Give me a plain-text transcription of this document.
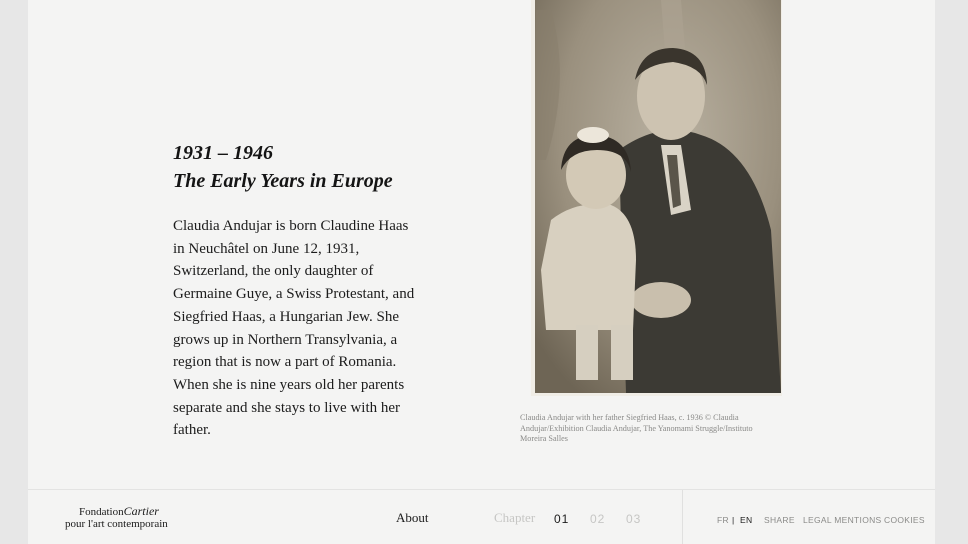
1931 – 1946
The Early Years in Europe
Claudia Andujar is born Claudine Haas
in Neuchâtel on June 12, 1931,
Switzerland, the only daughter of
Germaine Guye, a Swiss Protestant, and
Siegfried Haas, a Hungarian Jew. She
grows up in Northern Transylvania, a
region that is now a part of Romania.
When she is nine years old her parents
separate and she stays to live with her
father.
Claudia Andujar with her father Siegfried Haas, c. 1936 © Claudia
Andujar/Exhibition Claudia Andujar, The Yanomami Struggle/Instituto
Moreira Salles
FondationCartier
pour l'art contemporain	About	Chapter 01 02 03	FR | EN SHARE LEGAL MENTIONS COOKIES
